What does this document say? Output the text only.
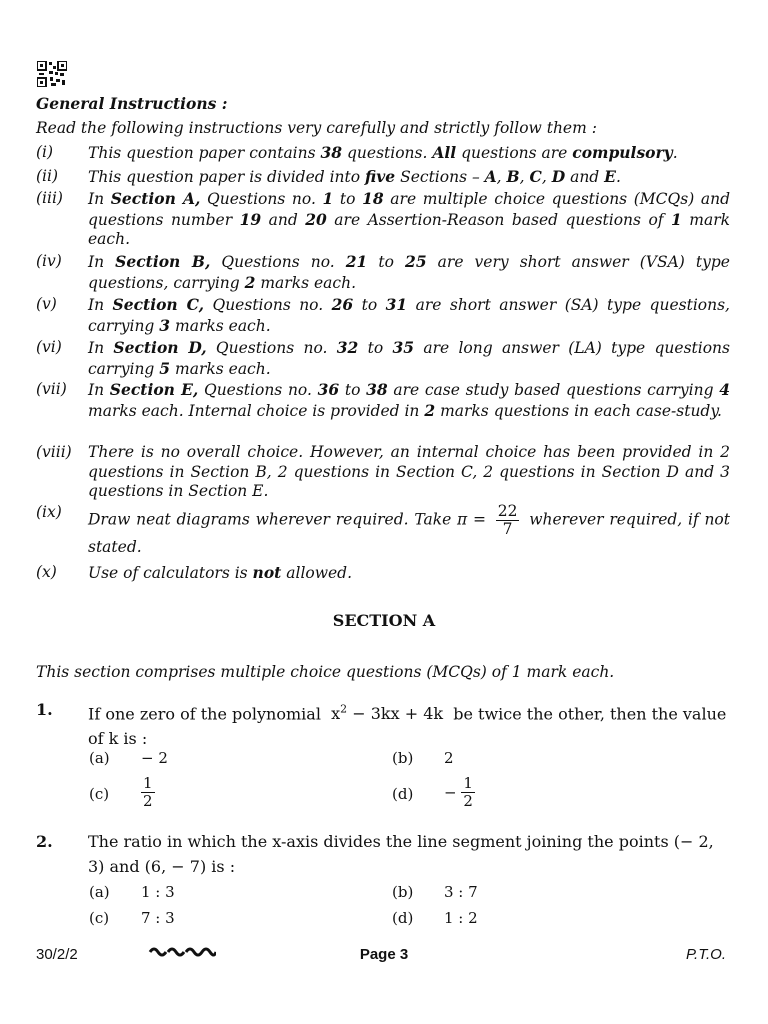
General Instructions :
Read the following instructions very carefully and strictly follow them :
(i) This question paper contains 38 questions. All questions are compulsory.
(ii) This question paper is divided into five Sections – A, B, C, D and E.
(iii) In Section A, Questions no. 1 to 18 are multiple choice questions (MCQs) and questions number 19 and 20 are Assertion-Reason based questions of 1 mark each.
(iv) In Section B, Questions no. 21 to 25 are very short answer (VSA) type questions, carrying 2 marks each.
(v) In Section C, Questions no. 26 to 31 are short answer (SA) type questions, carrying 3 marks each.
(vi) In Section D, Questions no. 32 to 35 are long answer (LA) type questions carrying 5 marks each.
(vii) In Section E, Questions no. 36 to 38 are case study based questions carrying 4 marks each. Internal choice is provided in 2 marks questions in each case-study.
(viii) There is no overall choice. However, an internal choice has been provided in 2 questions in Section B, 2 questions in Section C, 2 questions in Section D and 3 questions in Section E.
(ix) Draw neat diagrams wherever required. Take $\pi = \frac{22}{7}$ wherever required, if not stated.
(x) Use of calculators is not allowed.
SECTION A
This section comprises multiple choice questions (MCQs) of 1 mark each.
1. If one zero of the polynomial $x^2 - 3kx + 4k$ be twice the other, then the value of k is :
(a) − 2	(b) 2
$(c) \frac{1}{2}$	$(d) - \frac{1}{2}$
2. The ratio in which the x-axis divides the line segment joining the points (− 2, 3) and (6, − 7) is :
(a) 1 : 3	(b) 3 : 7
(c) 7 : 3	(d) 1 : 2
30/2/2	Page 3	P.T.O.
